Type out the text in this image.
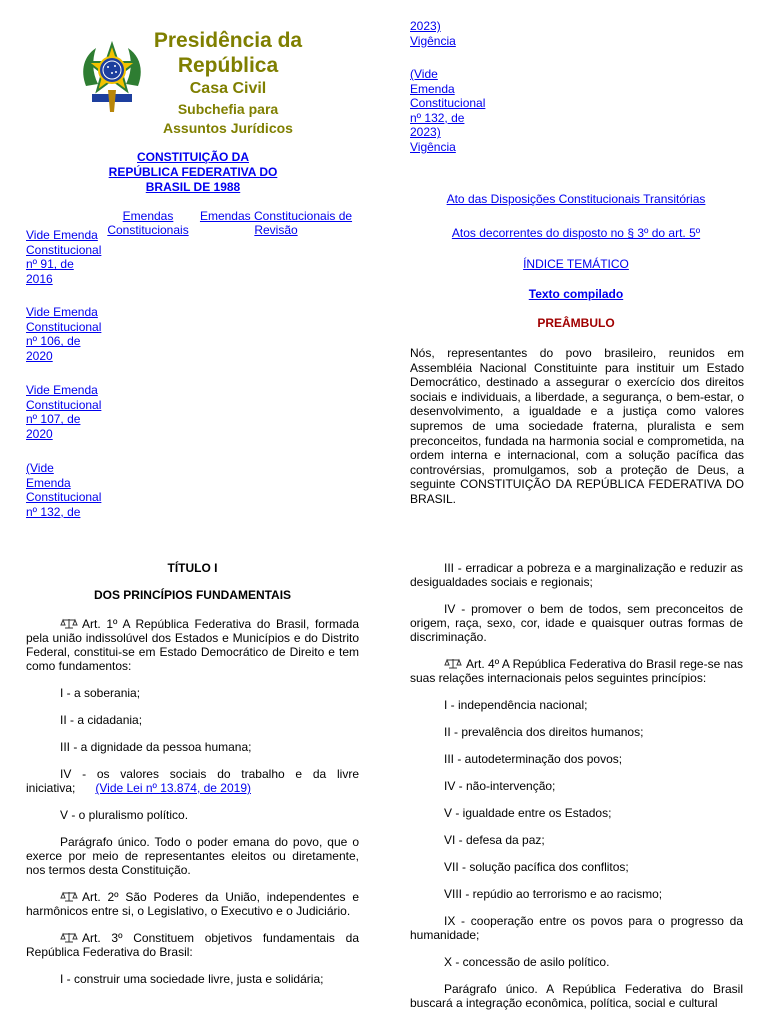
Presidência da
República
Casa Civil
Subchefia para
Assuntos Jurídicos
CONSTITUIÇÃO DA
REPÚBLICA FEDERATIVA DO
BRASIL DE 1988
Emendas
Constitucionais
Emendas Constitucionais de
Revisão
Vide Emenda
Constitucional
nº 91, de
2016
Vide Emenda
Constitucional
nº 106, de
2020
Vide Emenda
Constitucional
nº 107, de
2020
(Vide
Emenda
Constitucional
nº 132, de
2023)
Vigência
(Vide
Emenda
Constitucional
nº 132, de
2023)
Vigência
Ato das Disposições Constitucionais Transitórias
Atos decorrentes do disposto no § 3º do art. 5º
ÍNDICE TEMÁTICO
Texto compilado
PREÂMBULO
Nós, representantes do povo brasileiro, reunidos em Assembléia Nacional Constituinte para instituir um Estado Democrático, destinado a assegurar o exercício dos direitos sociais e individuais, a liberdade, a segurança, o bem-estar, o desenvolvimento, a igualdade e a justiça como valores supremos de uma sociedade fraterna, pluralista e sem preconceitos, fundada na harmonia social e comprometida, na ordem interna e internacional, com a solução pacífica das controvérsias, promulgamos, sob a proteção de Deus, a seguinte CONSTITUIÇÃO DA REPÚBLICA FEDERATIVA DO BRASIL.

TÍTULO I

DOS PRINCÍPIOS FUNDAMENTAIS

Art. 1º A República Federativa do Brasil, formada pela união indissolúvel dos Estados e Municípios e do Distrito Federal, constitui-se em Estado Democrático de Direito e tem como fundamentos:

I - a soberania;

II - a cidadania;

III - a dignidade da pessoa humana;

IV - os valores sociais do trabalho e da livre iniciativa; (Vide Lei nº 13.874, de 2019)

V - o pluralismo político.

Parágrafo único. Todo o poder emana do povo, que o exerce por meio de representantes eleitos ou diretamente, nos termos desta Constituição.

Art. 2º São Poderes da União, independentes e harmônicos entre si, o Legislativo, o Executivo e o Judiciário.

Art. 3º Constituem objetivos fundamentais da República Federativa do Brasil:

I - construir uma sociedade livre, justa e solidária;

III - erradicar a pobreza e a marginalização e reduzir as desigualdades sociais e regionais;

IV - promover o bem de todos, sem preconceitos de origem, raça, sexo, cor, idade e quaisquer outras formas de discriminação.

Art. 4º A República Federativa do Brasil rege-se nas suas relações internacionais pelos seguintes princípios:

I - independência nacional;

II - prevalência dos direitos humanos;

III - autodeterminação dos povos;

IV - não-intervenção;

V - igualdade entre os Estados;

VI - defesa da paz;

VII - solução pacífica dos conflitos;

VIII - repúdio ao terrorismo e ao racismo;

IX - cooperação entre os povos para o progresso da humanidade;

X - concessão de asilo político.

Parágrafo único. A República Federativa do Brasil buscará a integração econômica, política, social e cultural
